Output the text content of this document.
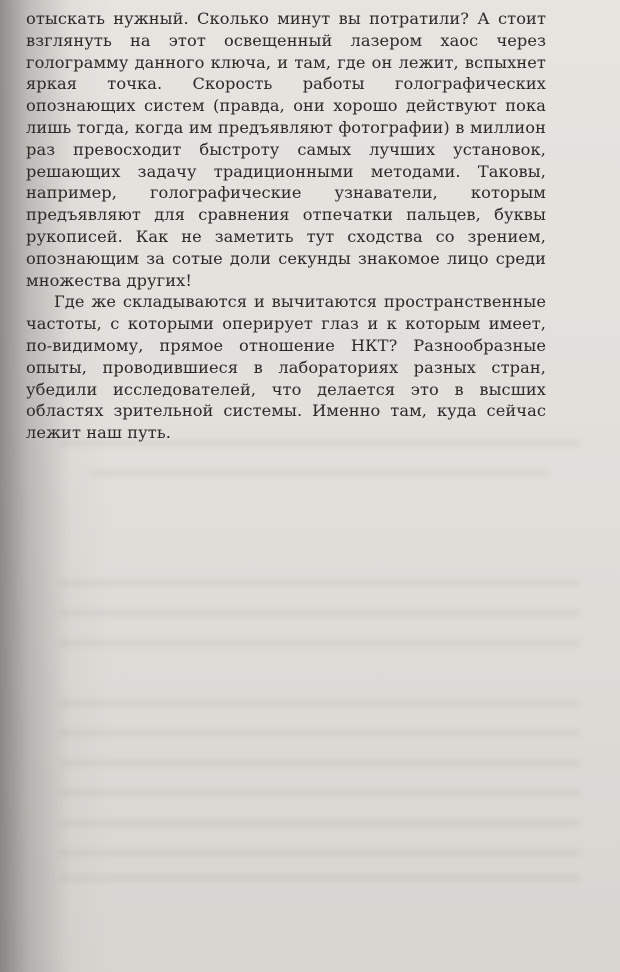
отыскать нужный. Сколько минут вы потратили? А стоит взглянуть на этот освещенный лазером хаос через голограмму данного ключа, и там, где он лежит, вспыхнет яркая точка. Скорость работы голографических опознающих систем (правда, они хорошо действуют пока лишь тогда, когда им предъявляют фотографии) в миллион раз превосходит быстроту самых лучших установок, решающих задачу традиционными методами. Таковы, например, голографические узнаватели, которым предъявляют для сравнения отпечатки пальцев, буквы рукописей. Как не заметить тут сходства со зрением, опознающим за сотые доли секунды знакомое лицо среди множества других!

Где же складываются и вычитаются пространственные частоты, с которыми оперирует глаз и к которым имеет, по-видимому, прямое отношение НКТ? Разнообразные опыты, проводившиеся в лабораториях разных стран, убедили исследователей, что делается это в высших областях зрительной системы. Именно там, куда сейчас лежит наш путь.
